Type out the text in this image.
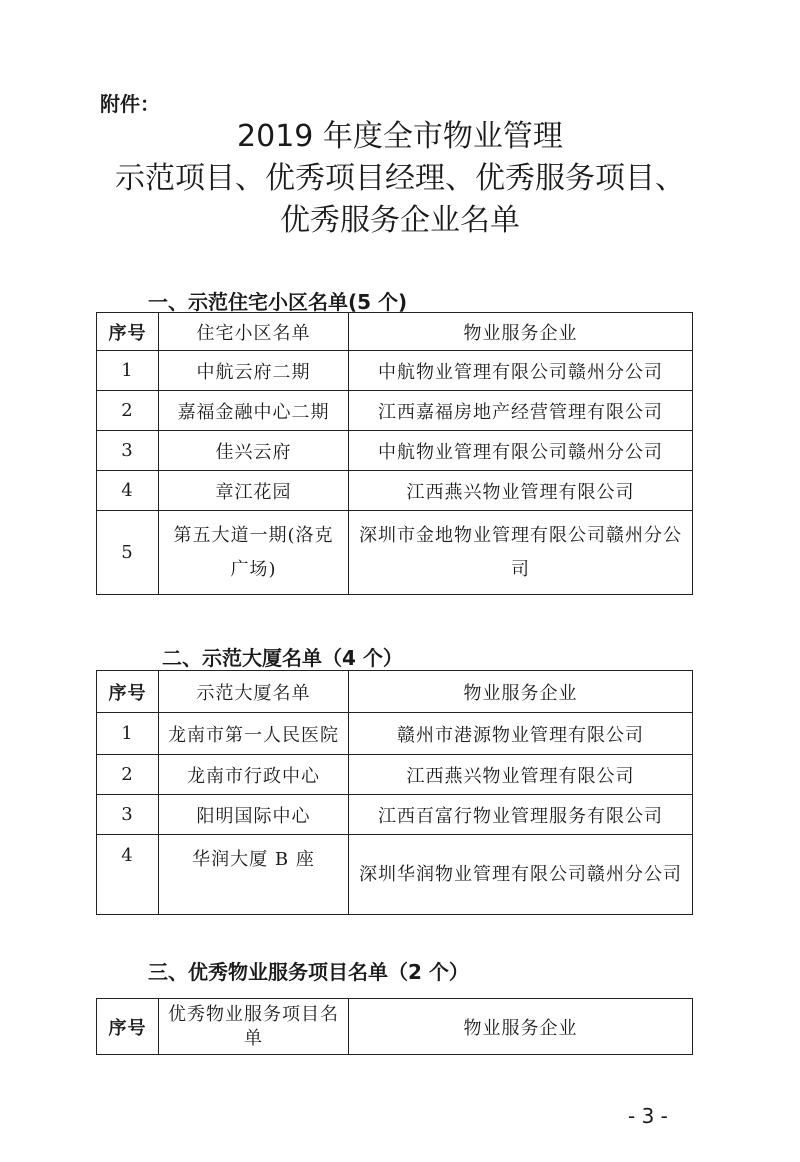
附件：
2019 年度全市物业管理
示范项目、优秀项目经理、优秀服务项目、
优秀服务企业名单
一、示范住宅小区名单(5 个)
序号	住宅小区名单	物业服务企业
1	中航云府二期	中航物业管理有限公司赣州分公司
2	嘉福金融中心二期	江西嘉福房地产经营管理有限公司
3	佳兴云府	中航物业管理有限公司赣州分公司
4	章江花园	江西燕兴物业管理有限公司
5	第五大道一期(洛克广场)	深圳市金地物业管理有限公司赣州分公司
二、示范大厦名单（4 个）
序号	示范大厦名单	物业服务企业
1	龙南市第一人民医院	赣州市港源物业管理有限公司
2	龙南市行政中心	江西燕兴物业管理有限公司
3	阳明国际中心	江西百富行物业管理服务有限公司
4	华润大厦 B 座	深圳华润物业管理有限公司赣州分公司
三、优秀物业服务项目名单（2 个）
序号	优秀物业服务项目名单	物业服务企业
- 3 -
